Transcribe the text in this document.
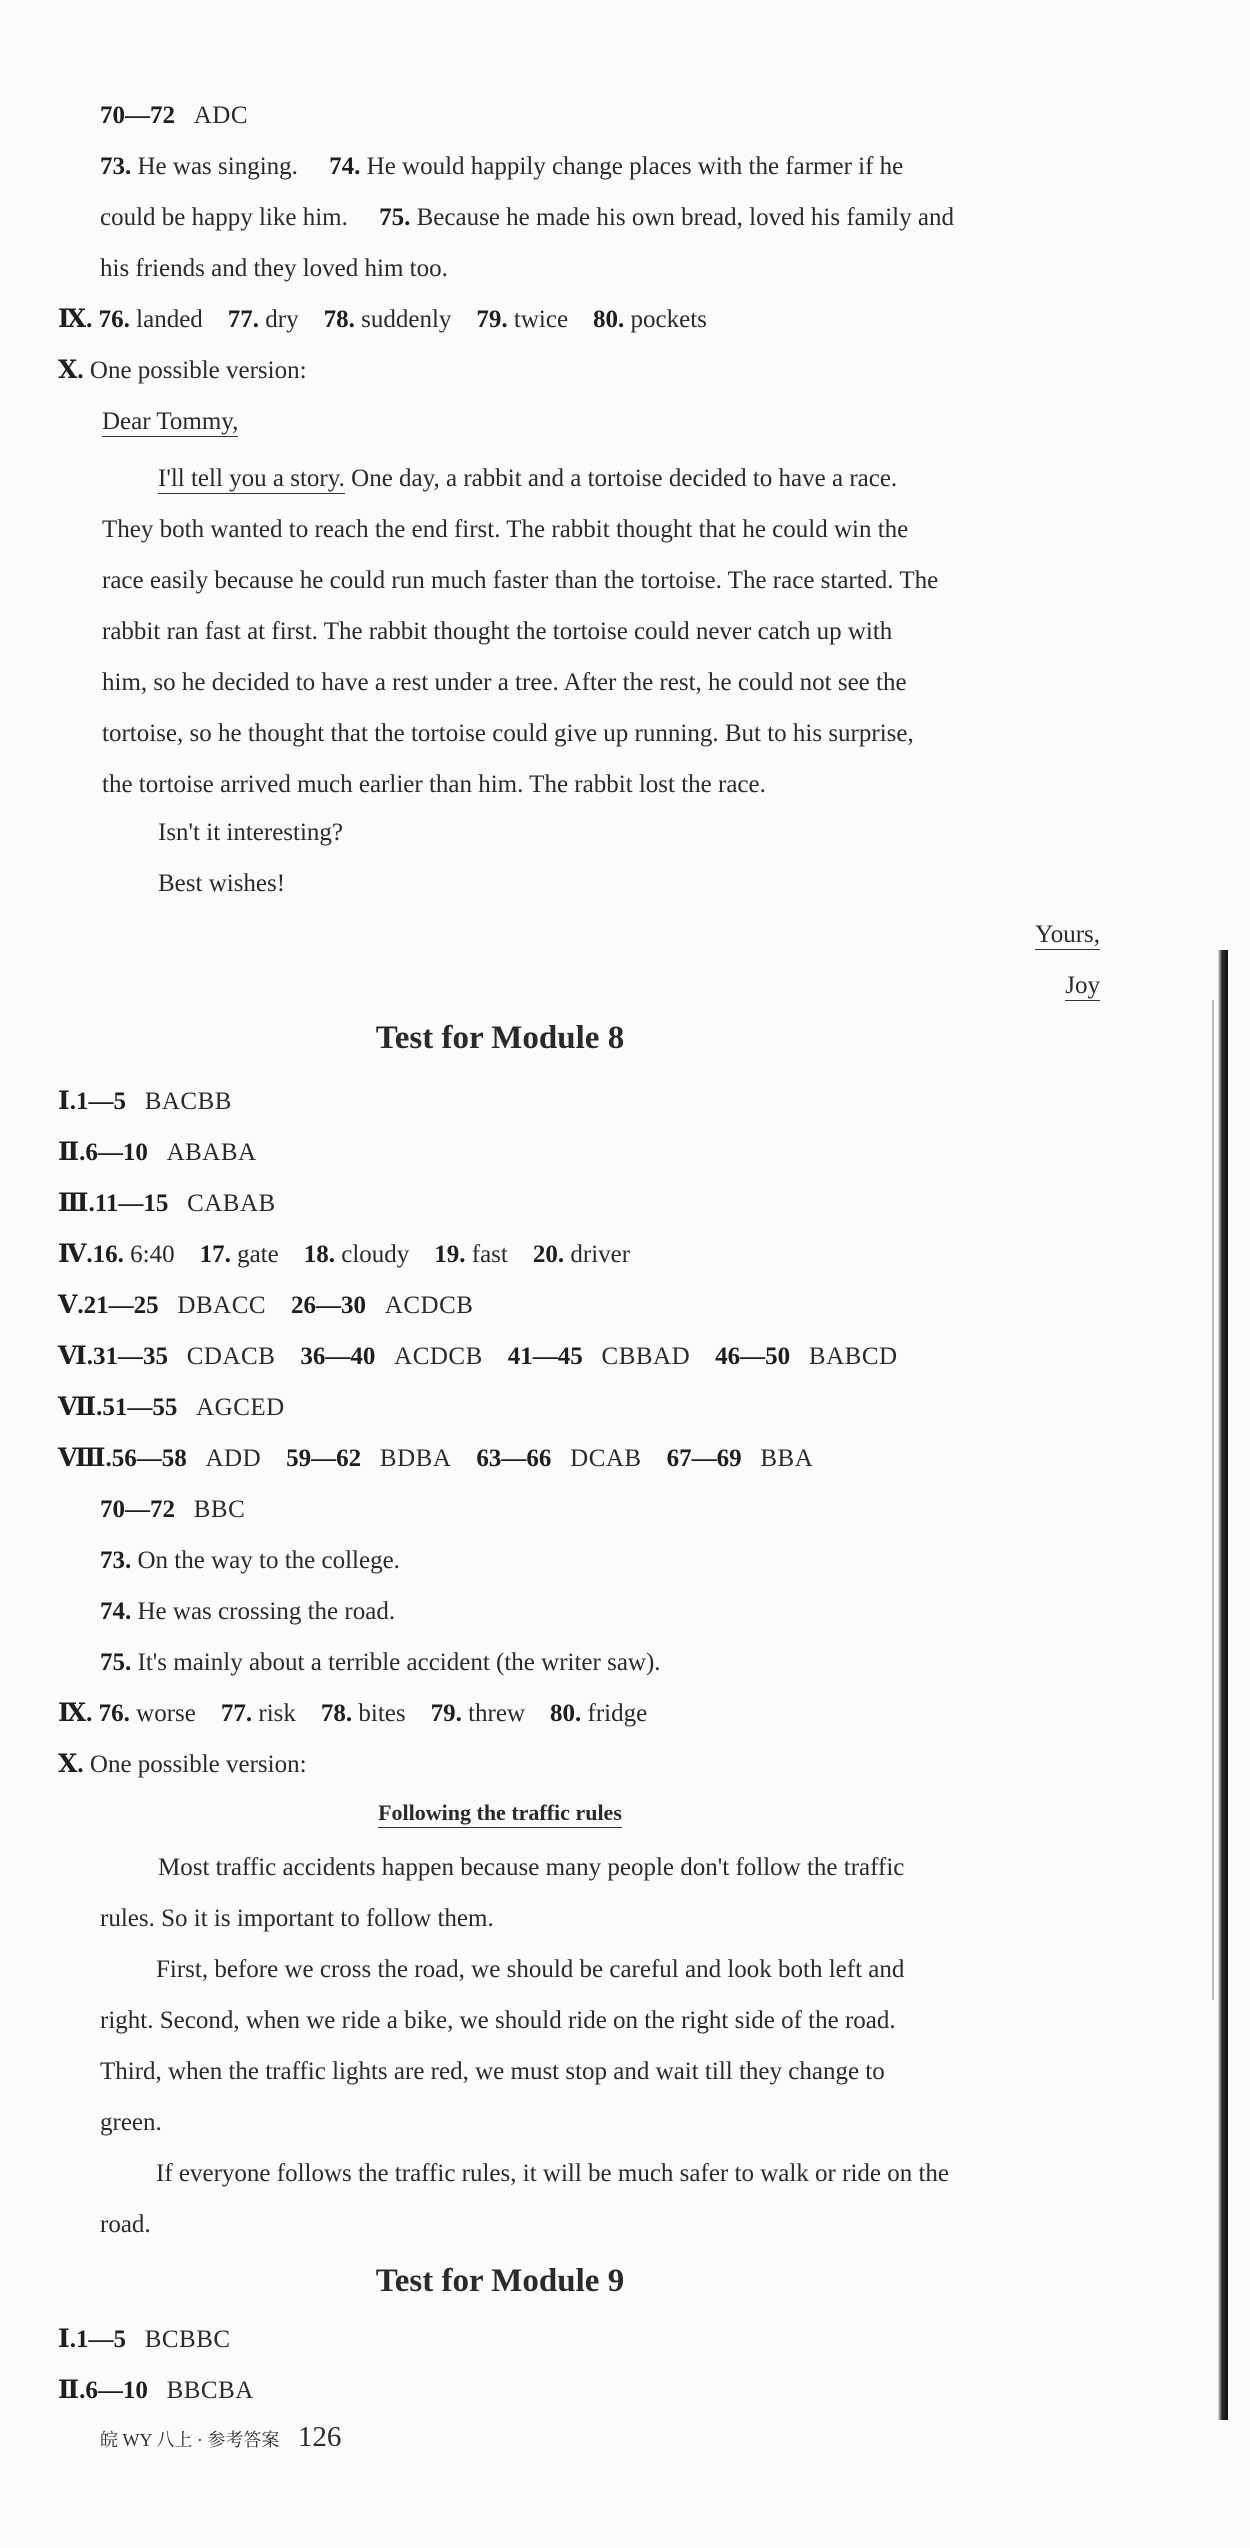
70—72 ADC
73. He was singing. 74. He would happily change places with the farmer if he
could be happy like him. 75. Because he made his own bread, loved his family and
his friends and they loved him too.
Ⅸ. 76. landed 77. dry 78. suddenly 79. twice 80. pockets
Ⅹ. One possible version:
Dear Tommy,
I'll tell you a story. One day, a rabbit and a tortoise decided to have a race.
They both wanted to reach the end first. The rabbit thought that he could win the
race easily because he could run much faster than the tortoise. The race started. The
rabbit ran fast at first. The rabbit thought the tortoise could never catch up with
him, so he decided to have a rest under a tree. After the rest, he could not see the
tortoise, so he thought that the tortoise could give up running. But to his surprise,
the tortoise arrived much earlier than him. The rabbit lost the race.
Isn't it interesting?
Best wishes!
Yours,
Joy
Test for Module 8
Ⅰ.1—5 BACBB
Ⅱ.6—10 ABABA
Ⅲ.11—15 CABAB
Ⅳ.16. 6:40 17. gate 18. cloudy 19. fast 20. driver
Ⅴ.21—25 DBACC 26—30 ACDCB
Ⅵ.31—35 CDACB 36—40 ACDCB 41—45 CBBAD 46—50 BABCD
Ⅶ.51—55 AGCED
Ⅷ.56—58 ADD 59—62 BDBA 63—66 DCAB 67—69 BBA
70—72 BBC
73. On the way to the college.
74. He was crossing the road.
75. It's mainly about a terrible accident (the writer saw).
Ⅸ. 76. worse 77. risk 78. bites 79. threw 80. fridge
Ⅹ. One possible version:
Following the traffic rules
Most traffic accidents happen because many people don't follow the traffic
rules. So it is important to follow them.
First, before we cross the road, we should be careful and look both left and
right. Second, when we ride a bike, we should ride on the right side of the road.
Third, when the traffic lights are red, we must stop and wait till they change to
green.
If everyone follows the traffic rules, it will be much safer to walk or ride on the
road.
Test for Module 9
Ⅰ.1—5 BCBBC
Ⅱ.6—10 BBCBA
皖 WY 八上 · 参考答案 126
